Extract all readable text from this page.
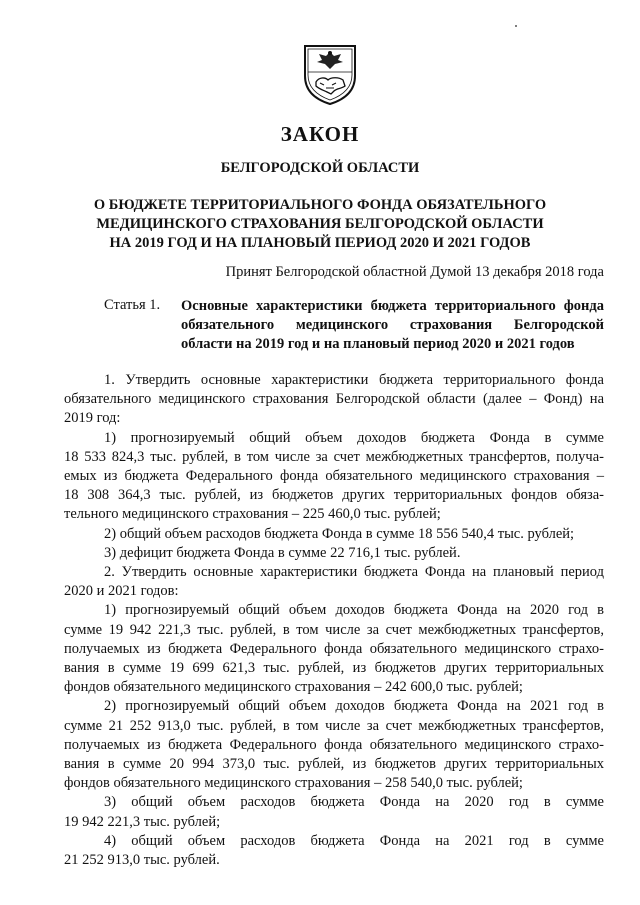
ЗАКОН
БЕЛГОРОДСКОЙ ОБЛАСТИ
О БЮДЖЕТЕ ТЕРРИТОРИАЛЬНОГО ФОНДА ОБЯЗАТЕЛЬНОГО
МЕДИЦИНСКОГО СТРАХОВАНИЯ БЕЛГОРОДСКОЙ ОБЛАСТИ
НА 2019 ГОД И НА ПЛАНОВЫЙ ПЕРИОД 2020 И 2021 ГОДОВ
Принят Белгородской областной Думой 13 декабря 2018 года
Статья 1. Основные характеристики бюджета территориального фонда обязательного медицинского страхования Белгородской области на 2019 год и на плановый период 2020 и 2021 годов
1. Утвердить основные характеристики бюджета территориального фонда
обязательного медицинского страхования Белгородской области (далее – Фонд) на
2019 год:
1) прогнозируемый общий объем доходов бюджета Фонда в сумме
18 533 824,3 тыс. рублей, в том числе за счет межбюджетных трансфертов, получа-
емых из бюджета Федерального фонда обязательного медицинского страхования –
18 308 364,3 тыс. рублей, из бюджетов других территориальных фондов обяза-
тельного медицинского страхования – 225 460,0 тыс. рублей;
2) общий объем расходов бюджета Фонда в сумме 18 556 540,4 тыс. рублей;
3) дефицит бюджета Фонда в сумме 22 716,1 тыс. рублей.
2. Утвердить основные характеристики бюджета Фонда на плановый период
2020 и 2021 годов:
1) прогнозируемый общий объем доходов бюджета Фонда на 2020 год в
сумме 19 942 221,3 тыс. рублей, в том числе за счет межбюджетных трансфертов,
получаемых из бюджета Федерального фонда обязательного медицинского страхо-
вания в сумме 19 699 621,3 тыс. рублей, из бюджетов других территориальных
фондов обязательного медицинского страхования – 242 600,0 тыс. рублей;
2) прогнозируемый общий объем доходов бюджета Фонда на 2021 год в
сумме 21 252 913,0 тыс. рублей, в том числе за счет межбюджетных трансфертов,
получаемых из бюджета Федерального фонда обязательного медицинского страхо-
вания в сумме 20 994 373,0 тыс. рублей, из бюджетов других территориальных
фондов обязательного медицинского страхования – 258 540,0 тыс. рублей;
3) общий объем расходов бюджета Фонда на 2020 год в сумме
19 942 221,3 тыс. рублей;
4) общий объем расходов бюджета Фонда на 2021 год в сумме
21 252 913,0 тыс. рублей.
